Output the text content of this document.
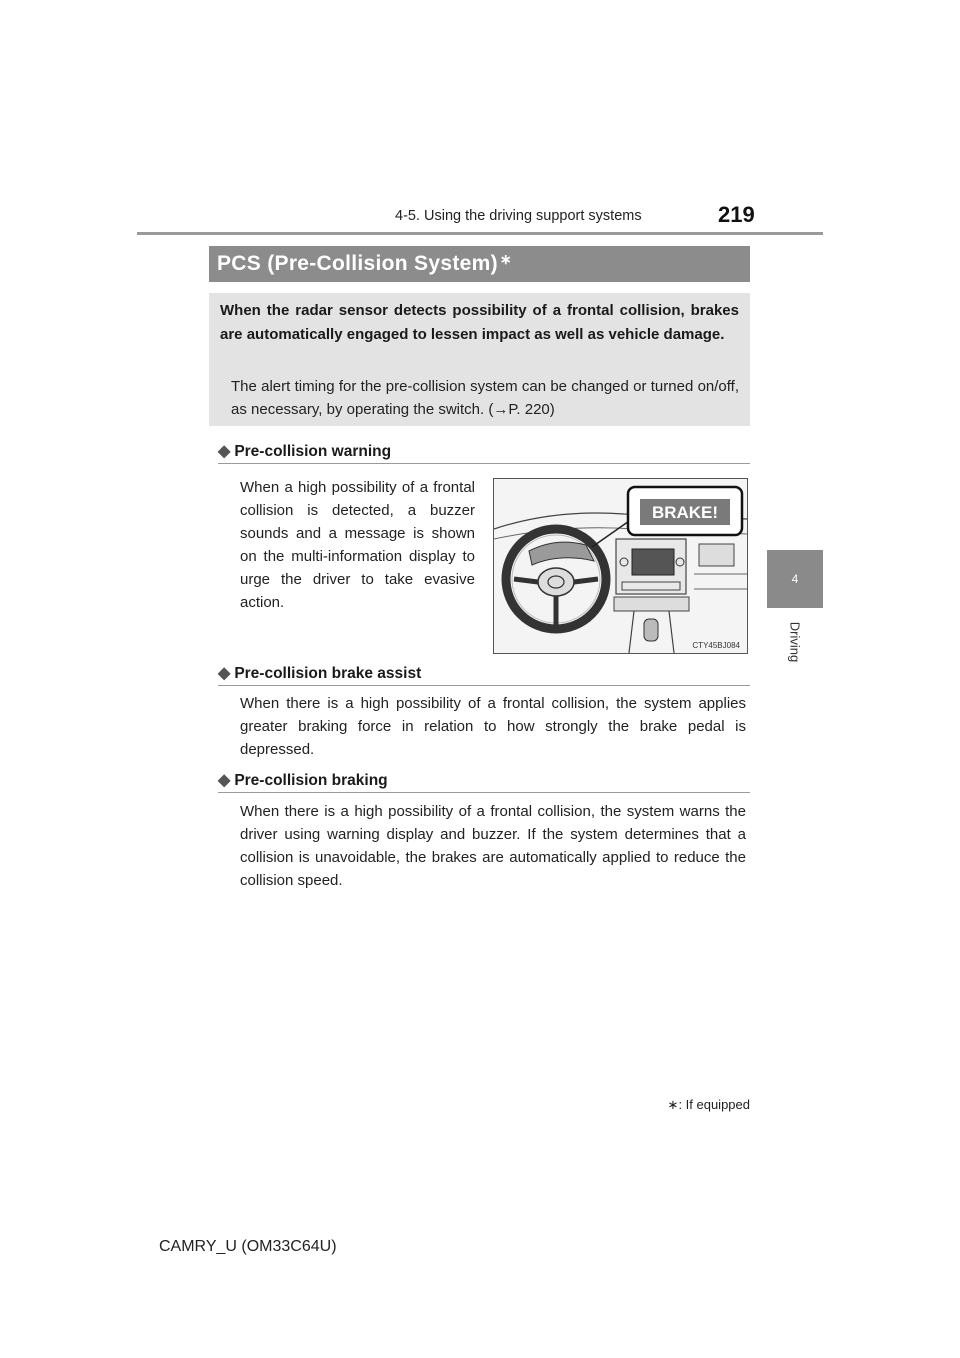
4-5. Using the driving support systems	219
4
Driving
PCS (Pre-Collision System) ∗
When the radar sensor detects possibility of a frontal collision, brakes are automatically engaged to lessen impact as well as vehicle damage.
The alert timing for the pre-collision system can be changed or turned on/off, as necessary, by operating the switch. (→P. 220)
◆ Pre-collision warning
When a high possibility of a frontal collision is detected, a buzzer sounds and a message is shown on the multi-information display to urge the driver to take evasive action.
BRAKE!
CTY45BJ084
◆ Pre-collision brake assist
When there is a high possibility of a frontal collision, the system applies greater braking force in relation to how strongly the brake pedal is depressed.
◆ Pre-collision braking
When there is a high possibility of a frontal collision, the system warns the driver using warning display and buzzer. If the system determines that a collision is unavoidable, the brakes are automatically applied to reduce the collision speed.
∗: If equipped
CAMRY_U (OM33C64U)
